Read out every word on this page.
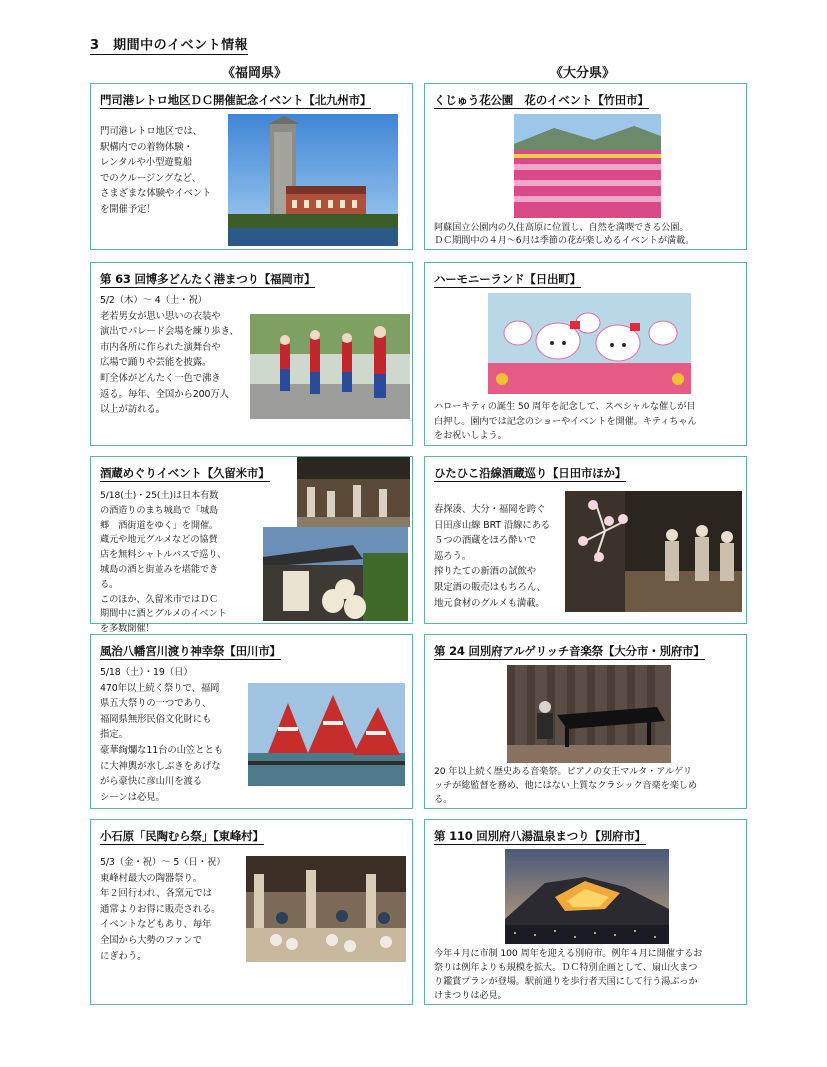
3　 期間中のイベント情報
《福岡県》	《大分県》
門司港レトロ地区ＤＣ開催記念イベント【北九州市】
門司港レトロ地区では、
駅構内での着物体験・
レンタルや小型遊覧船
でのクルージングなど、
さまざまな体験やイベント
を開催予定！
第 63 回博多どんたく港まつり【福岡市】
5/2（木）～ 4（土・祝）
老若男女が思い思いの衣装や
演出でパレード会場を練り歩き、
市内各所に作られた演舞台や
広場で踊りや芸能を披露。
町全体がどんたく一色で沸き
返る。毎年、全国から200万人
以上が訪れる。
酒蔵めぐりイベント【久留米市】
5/18(土)・25(土)は日本有数
の酒造りのまち城島で「城島
郷　酒街道をゆく」を開催。
蔵元や地元グルメなどの協賛
店を無料シャトルバスで巡り、
城島の酒と街並みを堪能でき
る。
このほか、久留米市ではＤＣ
期間中に酒とグルメのイベント
を多数開催！
風治八幡宮川渡り神幸祭【田川市】
5/18（土）・19（日）
470年以上続く祭りで、福岡
県五大祭りの一つであり、
福岡県無形民俗文化財にも
指定。
豪華絢爛な11台の山笠ととも
に大神輿が水しぶきをあげな
がら豪快に彦山川を渡る
シーンは必見。
小石原「民陶むら祭」【東峰村】
5/3（金・祝）～ 5（日・祝）
東峰村最大の陶器祭り。
年２回行われ、各窯元では
通常よりお得に販売される。
イベントなどもあり、毎年
全国から大勢のファンで
にぎわう。
くじゅう花公園　花のイベント【竹田市】
阿蘇国立公園内の久住高原に位置し、自然を満喫できる公園。
ＤＣ期間中の４月～6月は季節の花が楽しめるイベントが満載。
ハーモニーランド【日出町】
ハローキティの誕生 50 周年を記念して、スペシャルな催しが目
白押し。園内では記念のショーやイベントを開催。キティちゃん
をお祝いしよう。
ひたひこ沿線酒蔵巡り【日田市ほか】
春探湊、大分・福岡を跨ぐ
日田彦山線 BRT 沿線にある
５つの酒蔵をほろ酔いで
巡ろう。
搾りたての新酒の試飲や
限定酒の販売はもちろん、
地元食材のグルメも満載。
第 24 回別府アルゲリッチ音楽祭【大分市・別府市】
20 年以上続く歴史ある音楽祭。ピアノの女王マルタ・アルゲリ
ッチが総監督を務め、他にはない上質なクラシック音楽を楽しめ
る。
第 110 回別府八湯温泉まつり【別府市】
今年４月に市制 100 周年を迎える別府市。例年４月に開催するお
祭りは例年よりも規模を拡大。ＤＣ特別企画として、扇山火まつ
り鑑賞プランが登場。駅前通りを歩行者天国にして行う湯ぶっか
けまつりは必見。
